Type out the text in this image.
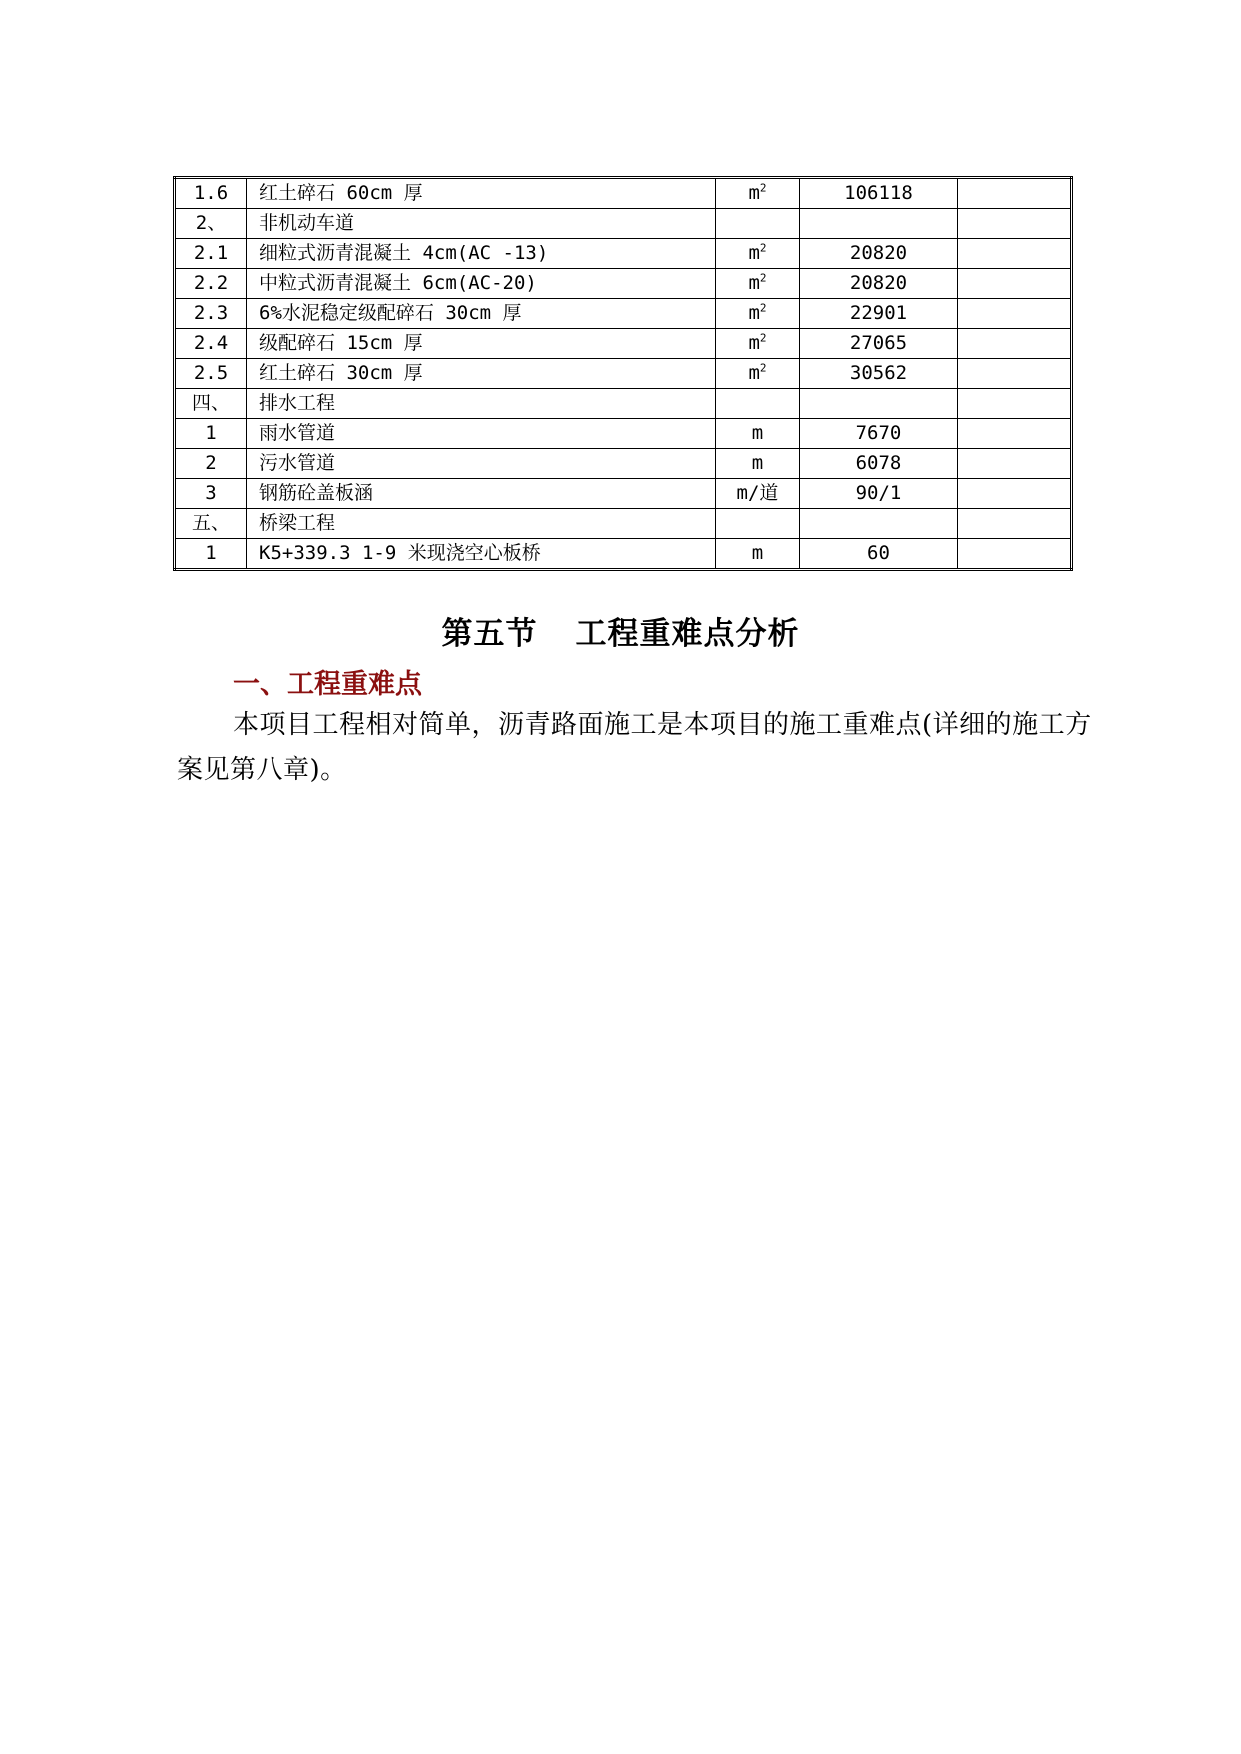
1.6	红土碎石 60cm 厚	$m^2$	106118	
2、	非机动车道			
2.1	细粒式沥青混凝土 4cm(AC -13)	$m^2$	20820	
2.2	中粒式沥青混凝土 6cm(AC-20)	$m^2$	20820	
2.3	6%水泥稳定级配碎石 30cm 厚	$m^2$	22901	
2.4	级配碎石 15cm 厚	$m^2$	27065	
2.5	红土碎石 30cm 厚	$m^2$	30562	
四、	排水工程			
1	雨水管道	m	7670	
2	污水管道	m	6078	
3	钢筋砼盖板涵	m/道	90/1	
五、	桥梁工程			
1	K5+339.3 1-9 米现浇空心板桥	m	60	
第五节 工程重难点分析
一、工程重难点
本项目工程相对简单，沥青路面施工是本项目的施工重难点(详细的施工方案见第八章)。
